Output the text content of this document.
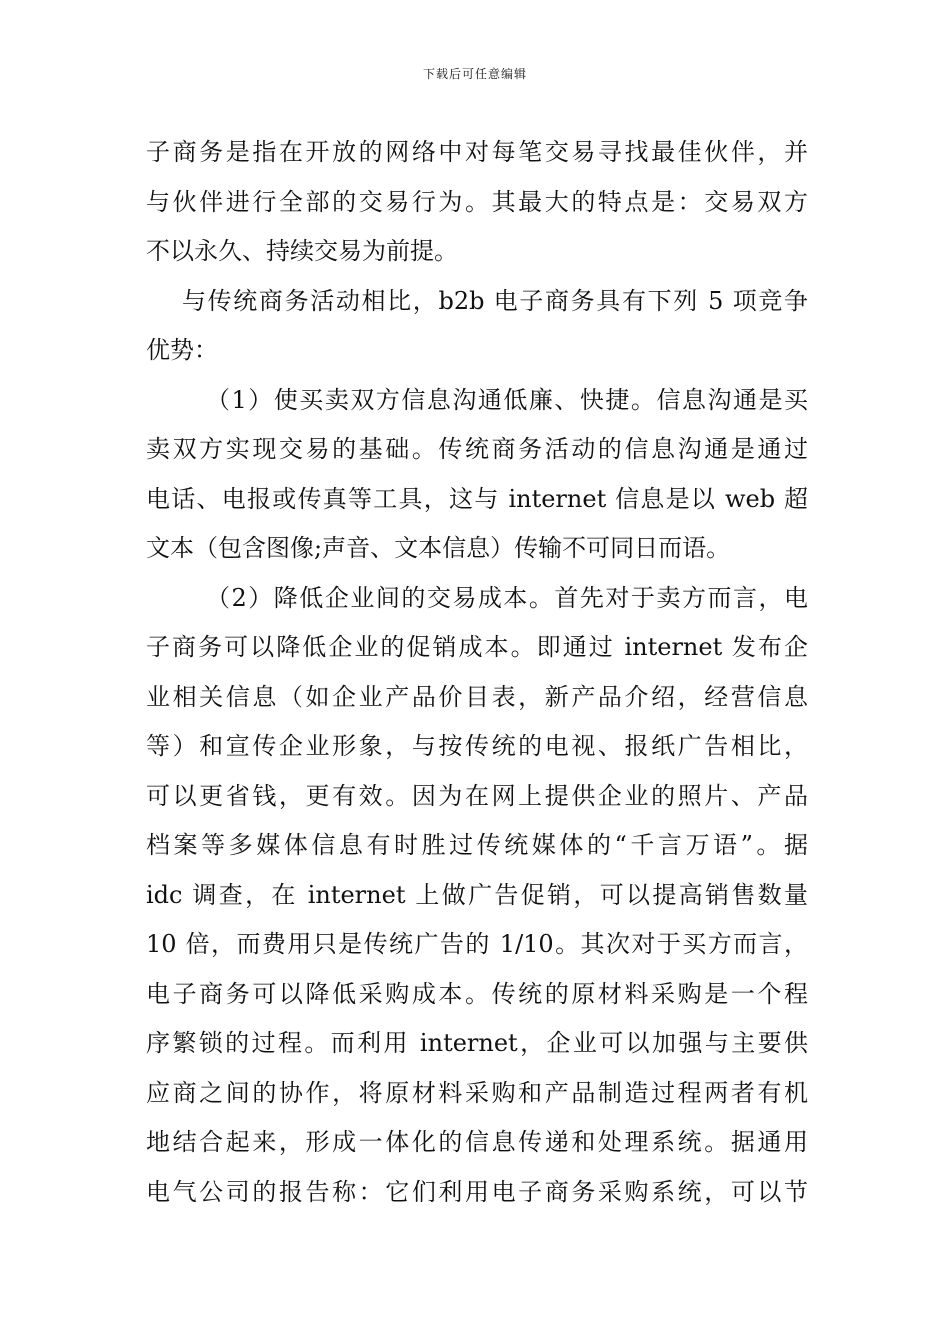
下载后可任意编辑
子商务是指在开放的网络中对每笔交易寻找最佳伙伴，并
与伙伴进行全部的交易行为。其最大的特点是：交易双方
不以永久、持续交易为前提。
与传统商务活动相比，b2b 电子商务具有下列 5 项竞争
优势：
（1）使买卖双方信息沟通低廉、快捷。信息沟通是买
卖双方实现交易的基础。传统商务活动的信息沟通是通过
电话、电报或传真等工具，这与 internet 信息是以 web 超
文本（包含图像;声音、文本信息）传输不可同日而语。
（2）降低企业间的交易成本。首先对于卖方而言，电
子商务可以降低企业的促销成本。即通过 internet 发布企
业相关信息（如企业产品价目表，新产品介绍，经营信息
等）和宣传企业形象，与按传统的电视、报纸广告相比，
可以更省钱，更有效。因为在网上提供企业的照片、产品
档案等多媒体信息有时胜过传统媒体的“千言万语”。据
idc 调查，在 internet 上做广告促销，可以提高销售数量
10 倍，而费用只是传统广告的 1/10。其次对于买方而言，
电子商务可以降低采购成本。传统的原材料采购是一个程
序繁锁的过程。而利用 internet，企业可以加强与主要供
应商之间的协作，将原材料采购和产品制造过程两者有机
地结合起来，形成一体化的信息传递和处理系统。据通用
电气公司的报告称：它们利用电子商务采购系统，可以节
